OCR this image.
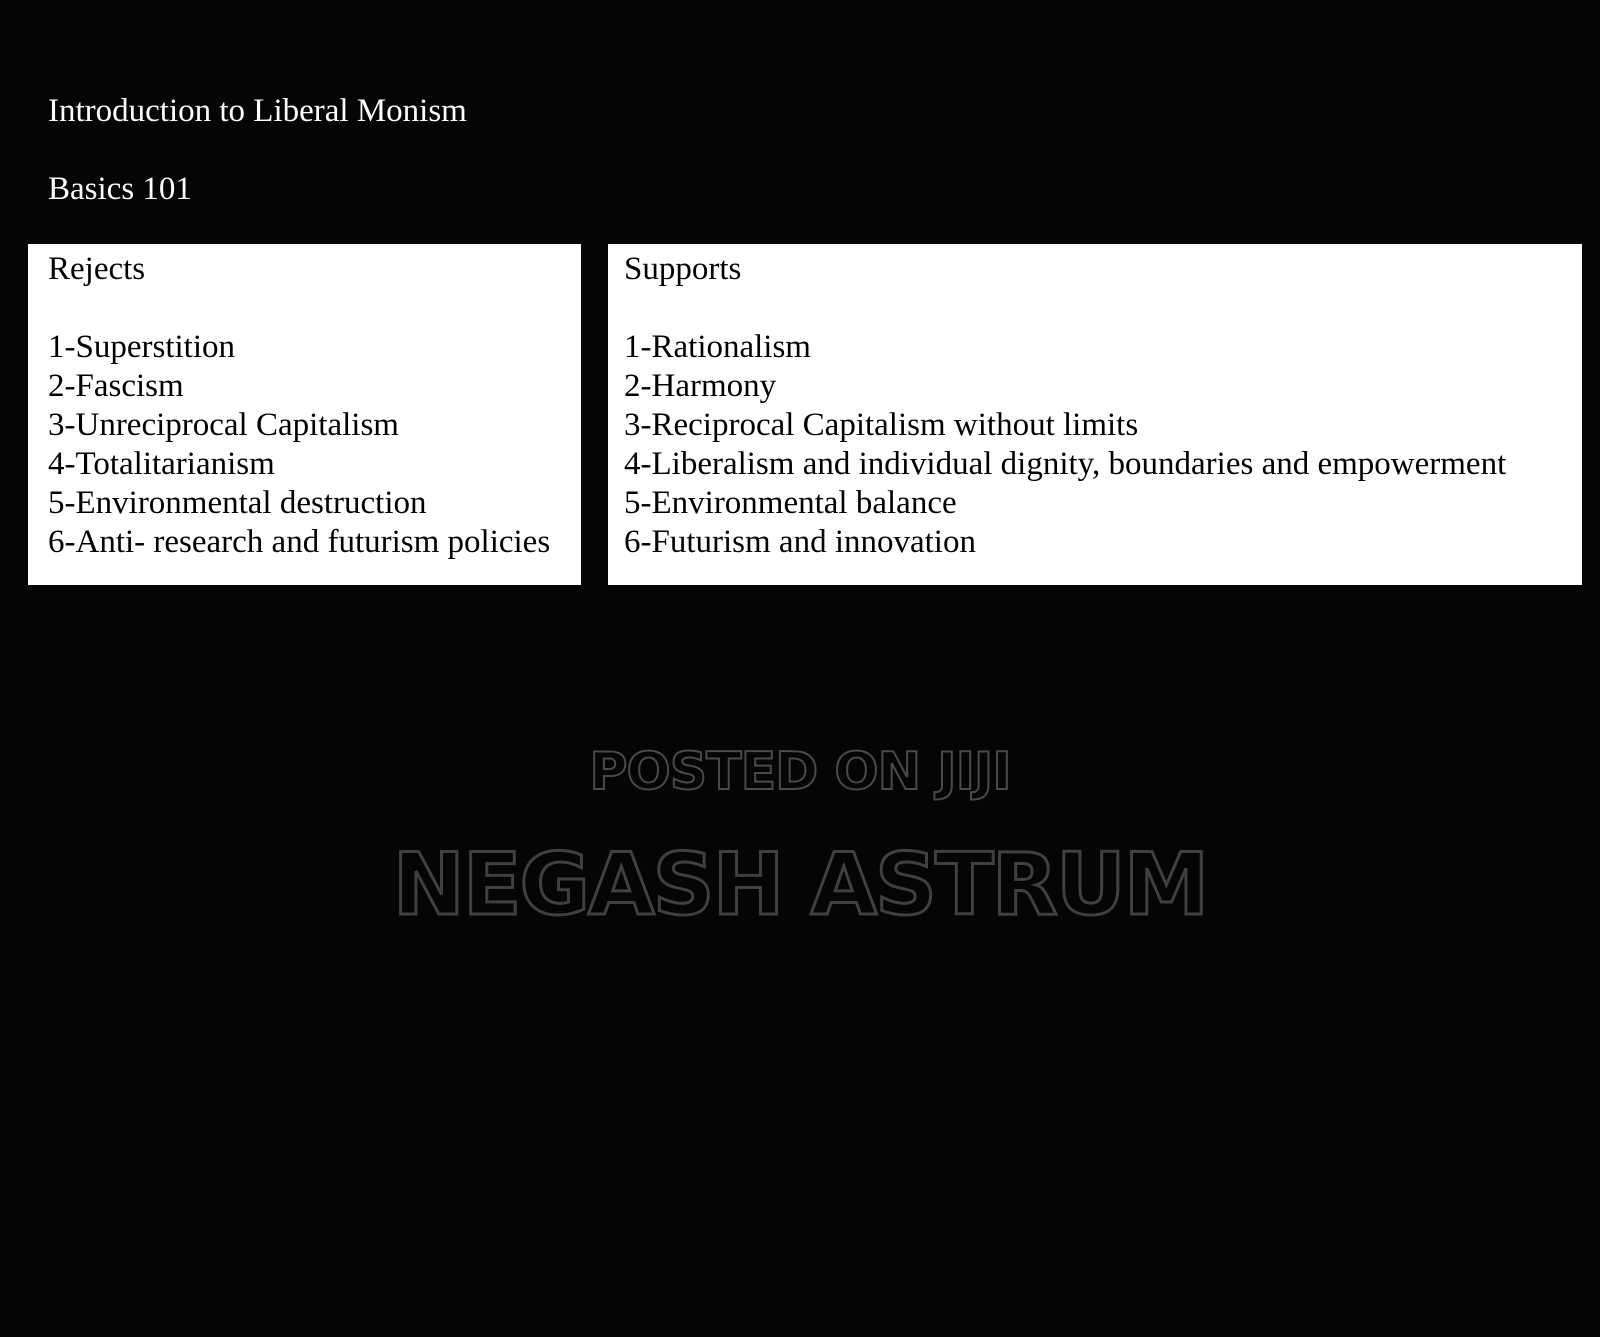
Introduction to Liberal Monism
Basics 101
Rejects
1-Superstition
2-Fascism
3-Unreciprocal Capitalism
4-Totalitarianism
5-Environmental destruction
6-Anti- research and futurism policies
Supports
1-Rationalism
2-Harmony
3-Reciprocal Capitalism without limits
4-Liberalism and individual dignity, boundaries and empowerment
5-Environmental balance
6-Futurism and innovation
POSTED ON JIJI
NEGASH ASTRUM
